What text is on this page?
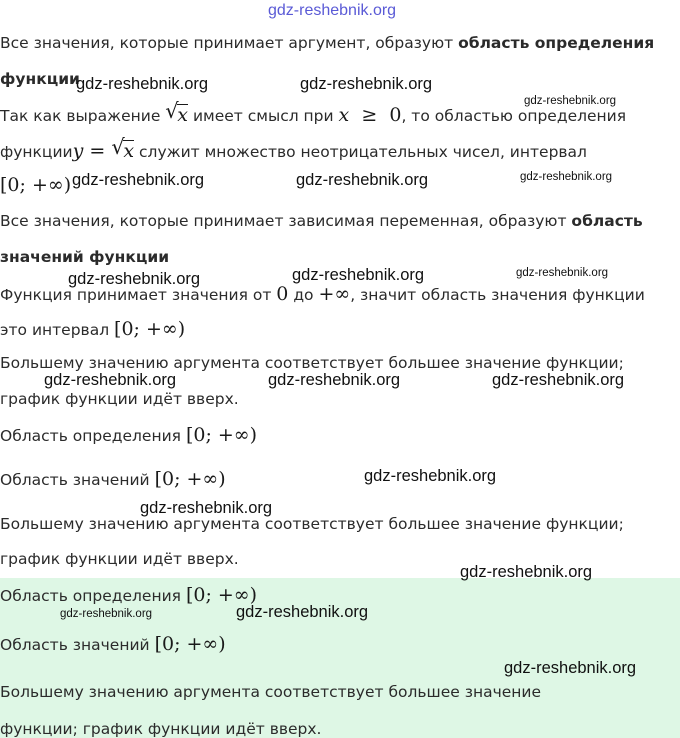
gdz-reshebnik.org
Все значения, которые принимает аргумент, образуют область определения
функции
Так как выражение √
x имеет смысл при x ≥ 0, то областью определения
функцииy = √
x служит множество неотрицательных чисел, интервал
[0; +∞)
Все значения, которые принимает зависимая переменная, образуют область
значений функции
Функция принимает значения от 0 до +∞, значит область значения функции
это интервал [0; +∞)
Большему значению аргумента соответствует большее значение функции;
график функции идёт вверх.
Область определения [0; +∞)
Область значений [0; +∞)
Большему значению аргумента соответствует большее значение функции;
график функции идёт вверх.
Область определения [0; +∞)
Область значений [0; +∞)
Большему значению аргумента соответствует большее значение
функции; график функции идёт вверх.
gdz-reshebnik.org	gdz-reshebnik.org
gdz-reshebnik.org
gdz-reshebnik.org	gdz-reshebnik.org	gdz-reshebnik.org
gdz-reshebnik.org	gdz-reshebnik.org	gdz-reshebnik.org
gdz-reshebnik.org	gdz-reshebnik.org	gdz-reshebnik.org
gdz-reshebnik.org
gdz-reshebnik.org
gdz-reshebnik.org
gdz-reshebnik.org	gdz-reshebnik.org
gdz-reshebnik.org
